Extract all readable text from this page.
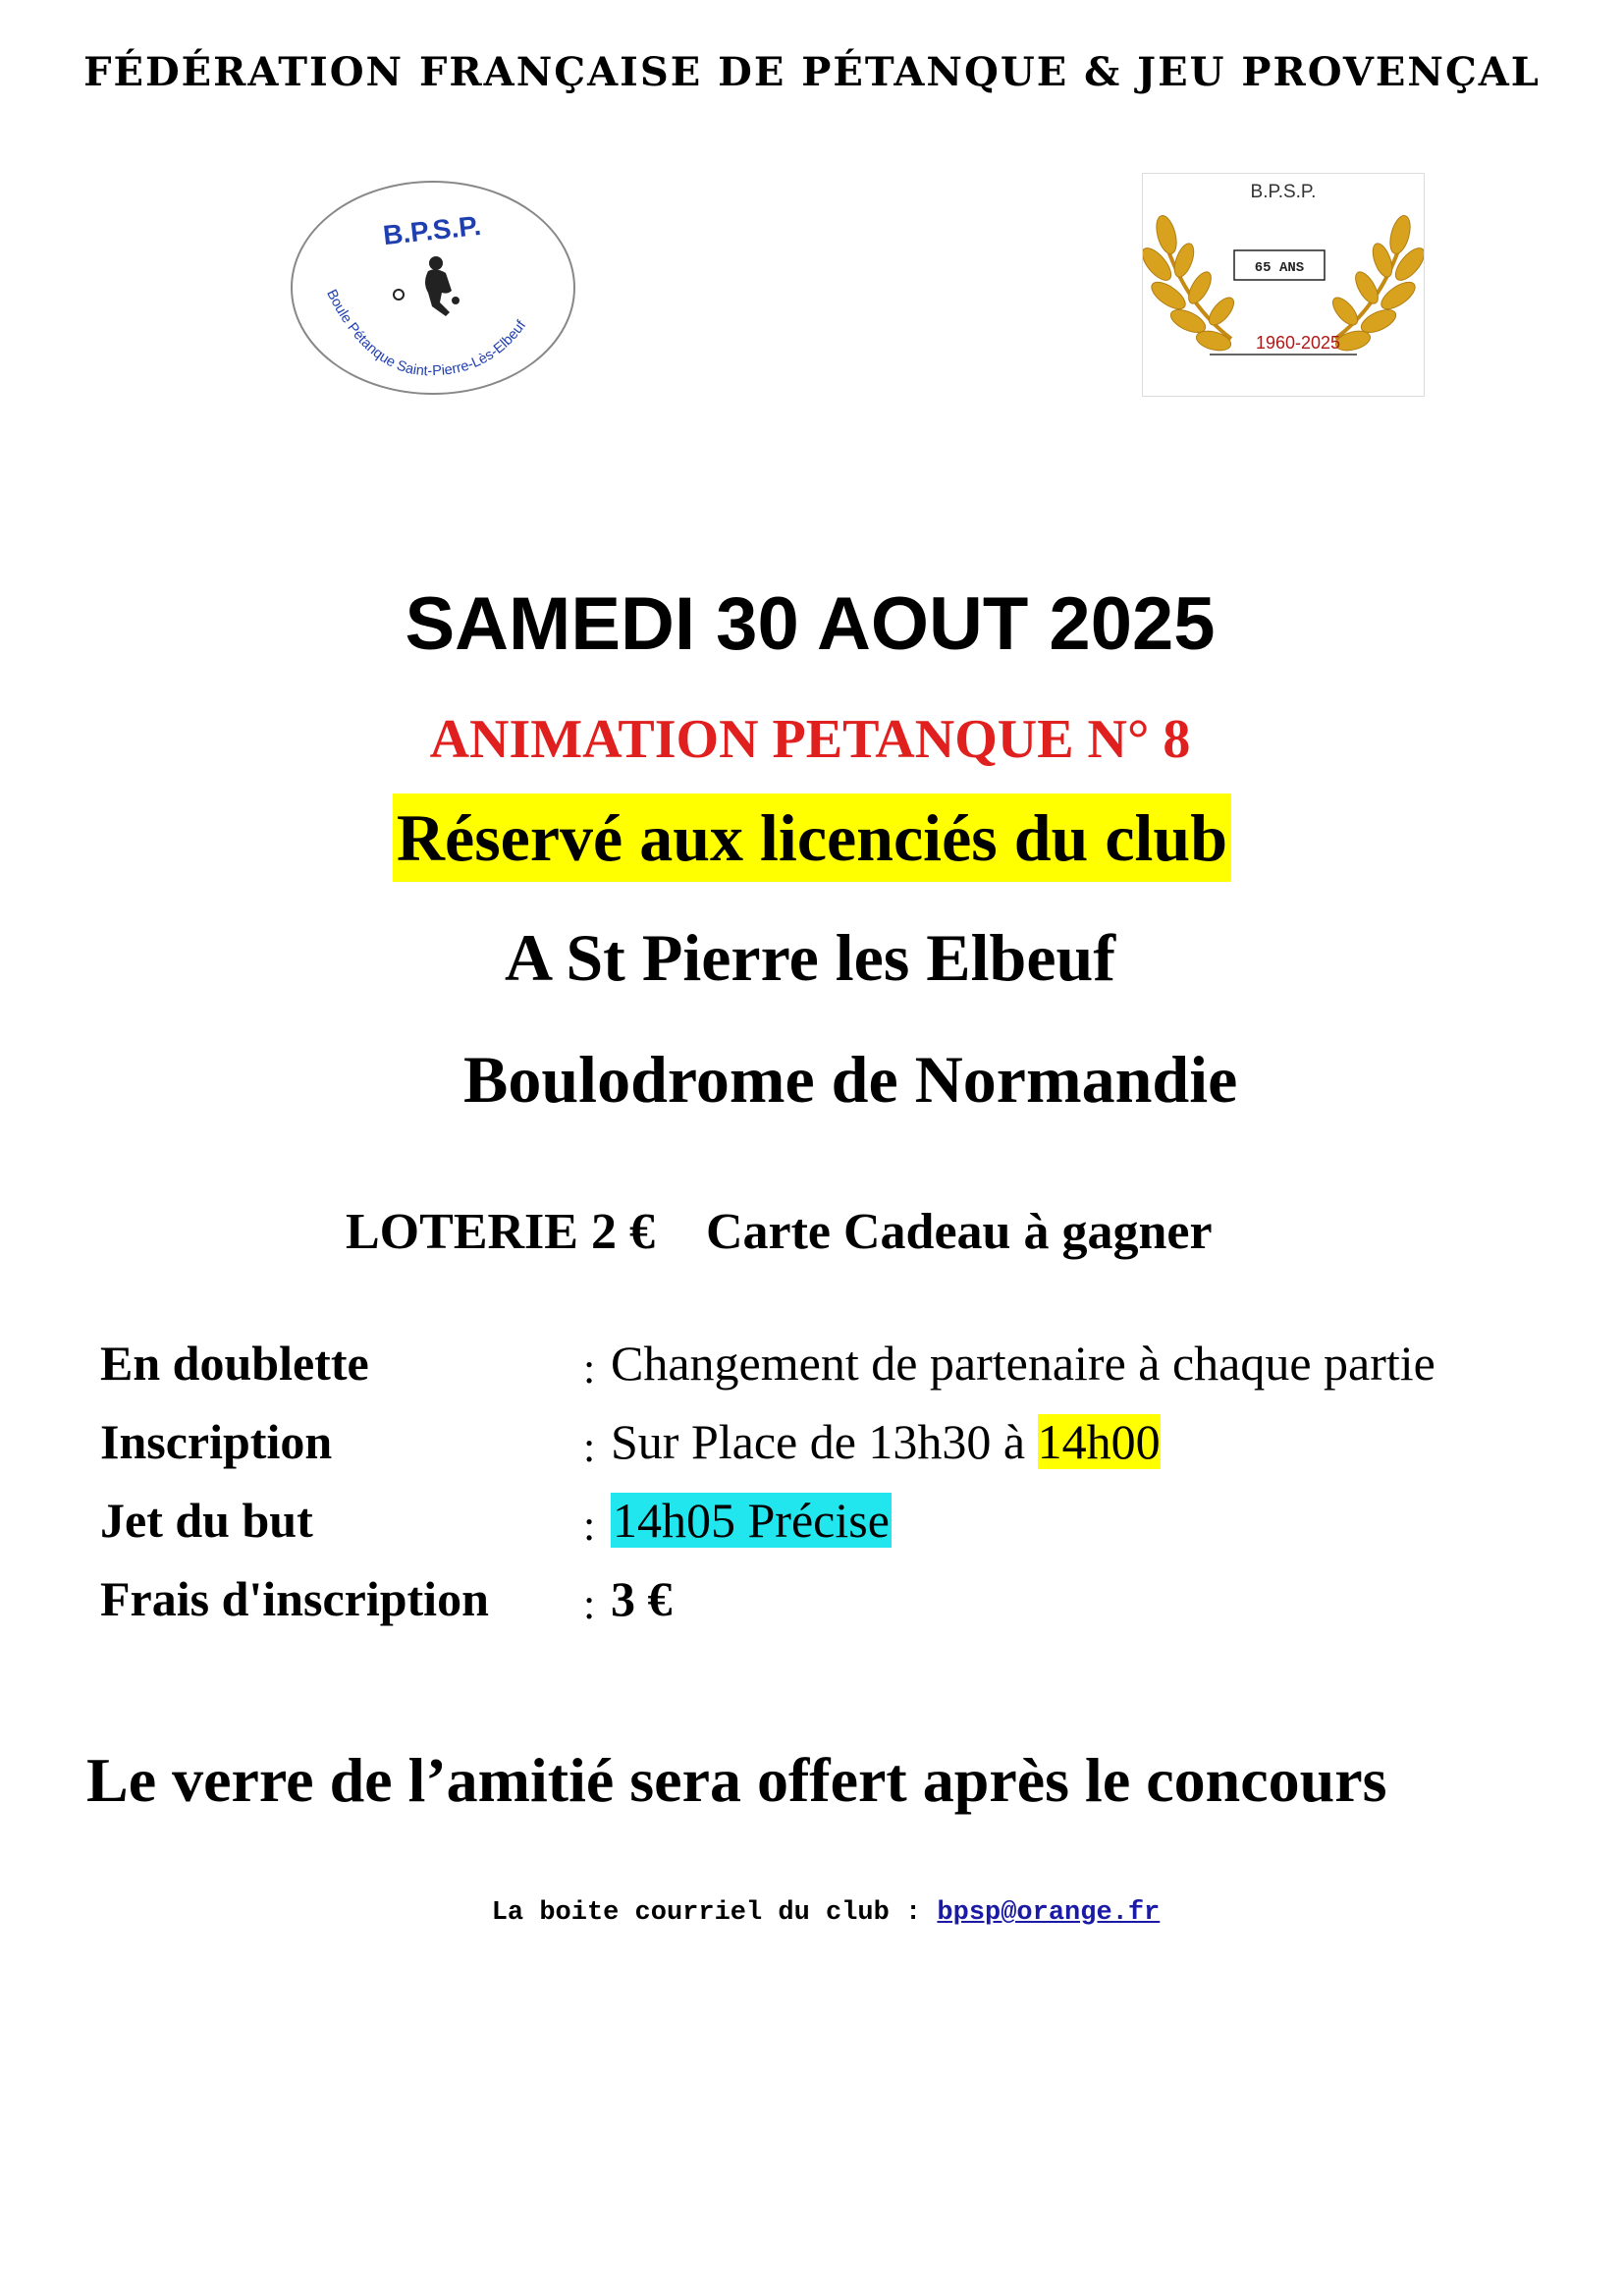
FÉDÉRATION FRANÇAISE DE PÉTANQUE & JEU PROVENÇAL
B.P.S.P.
Boule Pétanque Saint-Pierre-Lès-Elbeuf
B.P.S.P.
65 ANS
1960-2025
SAMEDI 30 AOUT 2025
ANIMATION PETANQUE N° 8
Réservé aux licenciés du club
A St Pierre les Elbeuf
Boulodrome de Normandie
LOTERIE 2 €    Carte Cadeau à gagner
En doublette	: Changement de partenaire à chaque partie
Inscription	: Sur Place de 13h30 à 14h00
Jet du but	: 14h05 Précise
Frais d'inscription : 3 €
Le verre de l’amitié sera offert après le concours
La boite courriel du club : bpsp@orange.fr
